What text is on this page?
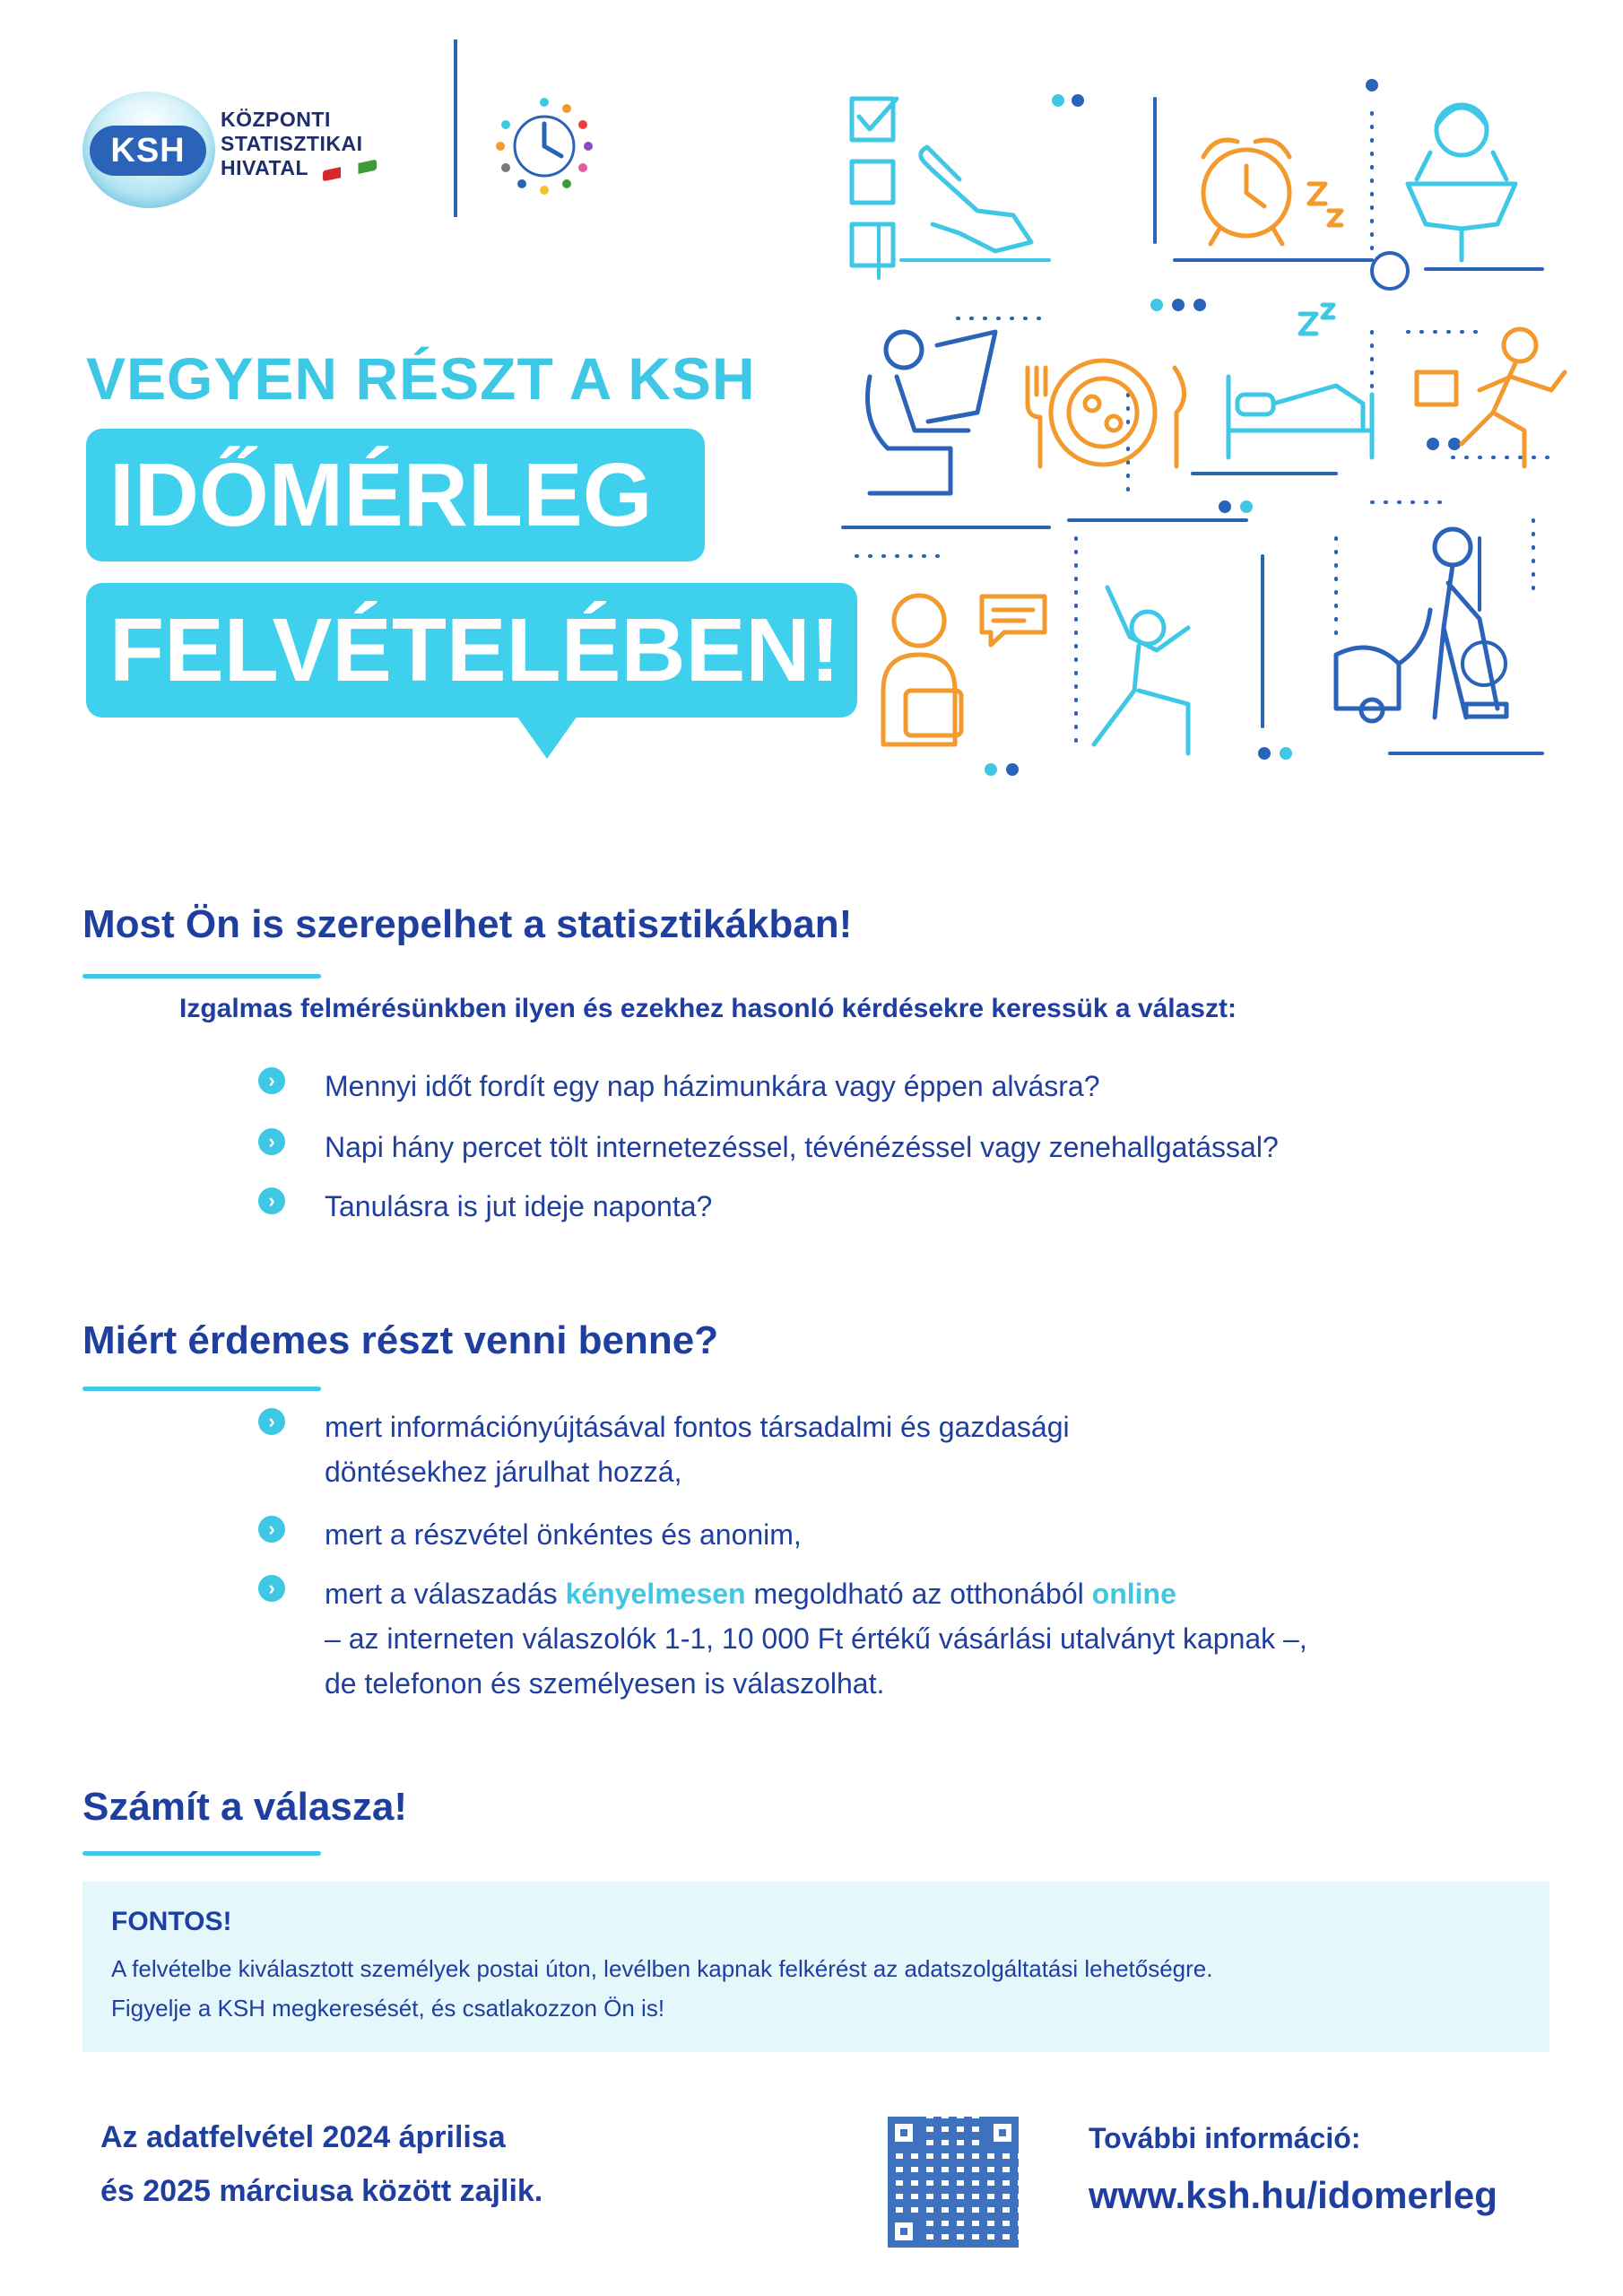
KSH
KÖZPONTI
STATISZTIKAI
HIVATAL
VEGYEN RÉSZT A KSH
IDŐMÉRLEG
FELVÉTELÉBEN!
Most Ön is szerepelhet a statisztikákban!
Izgalmas felmérésünkben ilyen és ezekhez hasonló kérdésekre keressük a választ:
›	Mennyi időt fordít egy nap házimunkára vagy éppen alvásra?
›	Napi hány percet tölt internetezéssel, tévénézéssel vagy zenehallgatással?
›	Tanulásra is jut ideje naponta?
Miért érdemes részt venni benne?
›	mert információnyújtásával fontos társadalmi és gazdasági
döntésekhez járulhat hozzá,
›	mert a részvétel önkéntes és anonim,
›	mert a válaszadás kényelmesen megoldható az otthonából online
– az interneten válaszolók 1-1, 10 000 Ft értékű vásárlási utalványt kapnak –,
de telefonon és személyesen is válaszolhat.
Számít a válasza!
FONTOS!
A felvételbe kiválasztott személyek postai úton, levélben kapnak felkérést az adatszolgáltatási lehetőségre.
Figyelje a KSH megkeresését, és csatlakozzon Ön is!
Az adatfelvétel 2024 áprilisa
és 2025 márciusa között zajlik.
További információ:
www.ksh.hu/idomerleg
